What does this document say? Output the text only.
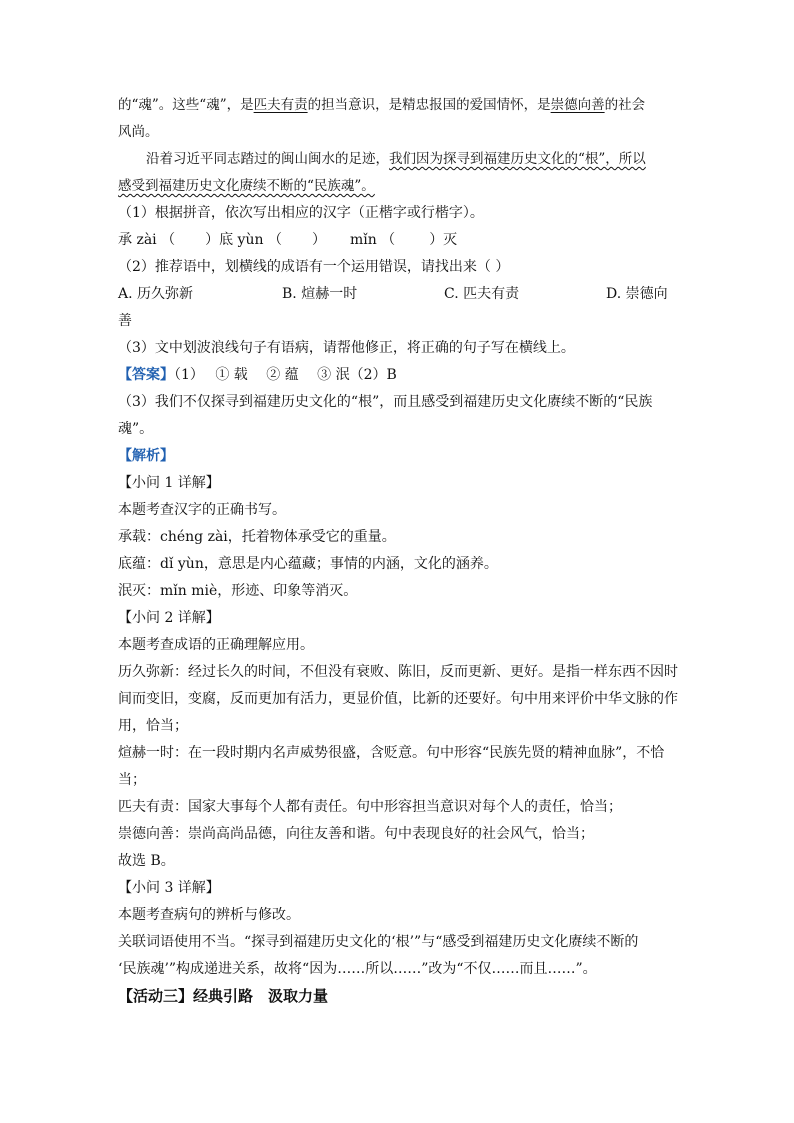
的“魂”。这些“魂”，是匹夫有责的担当意识，是精忠报国的爱国情怀，是崇德向善的社会
风尚。
沿着习近平同志踏过的闽山闽水的足迹，我们因为探寻到福建历史文化的“根”，所以
感受到福建历史文化赓续不断的“民族魂”。
（1）根据拼音，依次写出相应的汉字（正楷字或行楷字）。
承 zài （ ）底 yùn （ ） mǐn （ ）灭
（2）推荐语中，划横线的成语有一个运用错误，请找出来（ ）
A. 历久弥新	B. 煊赫一时	C. 匹夫有责	D. 崇德向
善
（3）文中划波浪线句子有语病，请帮他修正，将正确的句子写在横线上。
【答案】（1）　 ① 载　 ② 蕴　 ③ 泯（2）B
（3）我们不仅探寻到福建历史文化的“根”，而且感受到福建历史文化赓续不断的“民族
魂”。
【解析】
【小问 1 详解】
本题考查汉字的正确书写。
承载：chéng zài，托着物体承受它的重量。
底蕴：dǐ yùn，意思是内心蕴藏；事情的内涵，文化的涵养。
泯灭：mǐn miè，形迹、印象等消灭。
【小问 2 详解】
本题考查成语的正确理解应用。
历久弥新：经过长久的时间，不但没有衰败、陈旧，反而更新、更好。是指一样东西不因时
间而变旧，变腐，反而更加有活力，更显价值，比新的还要好。句中用来评价中华文脉的作
用，恰当；
煊赫一时：在一段时期内名声威势很盛，含贬意。句中形容“民族先贤的精神血脉”，不恰
当；
匹夫有责：国家大事每个人都有责任。句中形容担当意识对每个人的责任，恰当；
崇德向善：崇尚高尚品德，向往友善和谐。句中表现良好的社会风气，恰当；
故选 B。
【小问 3 详解】
本题考查病句的辨析与修改。
关联词语使用不当。“探寻到福建历史文化的‘根’”与“感受到福建历史文化赓续不断的
‘民族魂’”构成递进关系，故将“因为……所以……”改为“不仅……而且……”。
【活动三】经典引路　汲取力量
